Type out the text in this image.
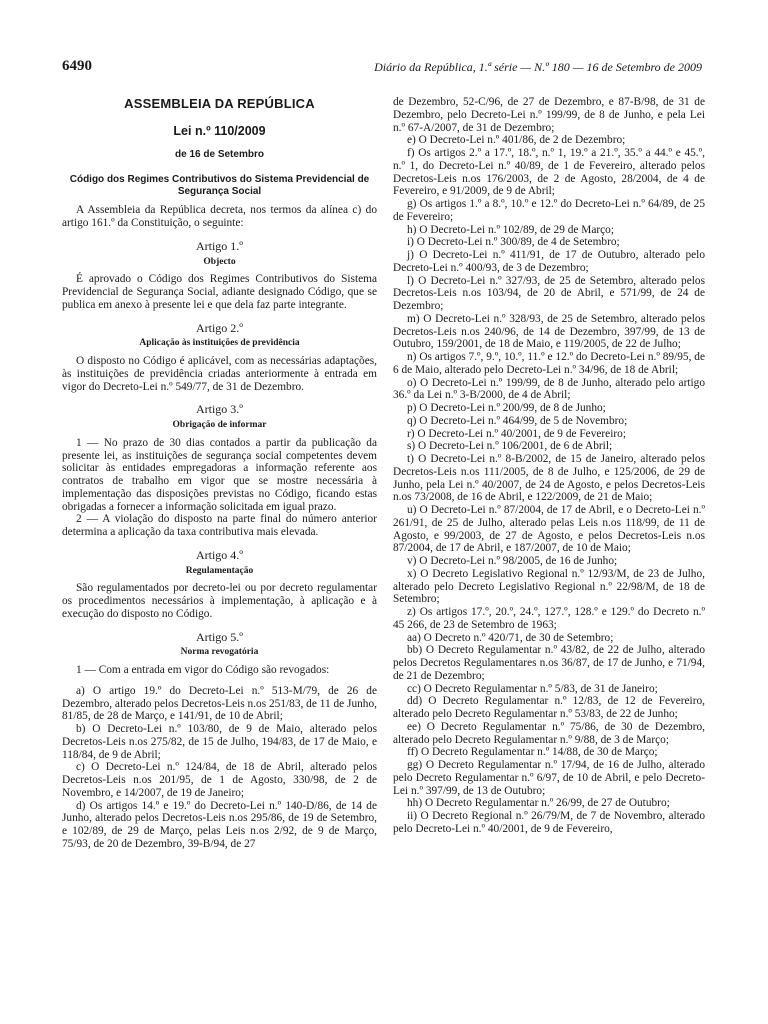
6490	Diário da República, 1.ª série — N.º 180 — 16 de Setembro de 2009

ASSEMBLEIA DA REPÚBLICA

Lei n.º 110/2009

de 16 de Setembro

Código dos Regimes Contributivos do Sistema Previdencial de Segurança Social

A Assembleia da República decreta, nos termos da alínea c) do artigo 161.º da Constituição, o seguinte:

Artigo 1.º

Objecto

É aprovado o Código dos Regimes Contributivos do Sistema Previdencial de Segurança Social, adiante designado Código, que se publica em anexo à presente lei e que dela faz parte integrante.

Artigo 2.º

Aplicação às instituições de previdência

O disposto no Código é aplicável, com as necessárias adaptações, às instituições de previdência criadas anteriormente à entrada em vigor do Decreto-Lei n.º 549/77, de 31 de Dezembro.

Artigo 3.º

Obrigação de informar

1 — No prazo de 30 dias contados a partir da publicação da presente lei, as instituições de segurança social competentes devem solicitar às entidades empregadoras a informação referente aos contratos de trabalho em vigor que se mostre necessária à implementação das disposições previstas no Código, ficando estas obrigadas a fornecer a informação solicitada em igual prazo.

2 — A violação do disposto na parte final do número anterior determina a aplicação da taxa contributiva mais elevada.

Artigo 4.º

Regulamentação

São regulamentados por decreto-lei ou por decreto regulamentar os procedimentos necessários à implementação, à aplicação e à execução do disposto no Código.

Artigo 5.º

Norma revogatória

1 — Com a entrada em vigor do Código são revogados:

a) O artigo 19.º do Decreto-Lei n.º 513-M/79, de 26 de Dezembro, alterado pelos Decretos-Leis n.os 251/83, de 11 de Junho, 81/85, de 28 de Março, e 141/91, de 10 de Abril;

b) O Decreto-Lei n.º 103/80, de 9 de Maio, alterado pelos Decretos-Leis n.os 275/82, de 15 de Julho, 194/83, de 17 de Maio, e 118/84, de 9 de Abril;

c) O Decreto-Lei n.º 124/84, de 18 de Abril, alterado pelos Decretos-Leis n.os 201/95, de 1 de Agosto, 330/98, de 2 de Novembro, e 14/2007, de 19 de Janeiro;

d) Os artigos 14.º e 19.º do Decreto-Lei n.º 140-D/86, de 14 de Junho, alterado pelos Decretos-Leis n.os 295/86, de 19 de Setembro, e 102/89, de 29 de Março, pelas Leis n.os 2/92, de 9 de Março, 75/93, de 20 de Dezembro, 39-B/94, de 27

de Dezembro, 52-C/96, de 27 de Dezembro, e 87-B/98, de 31 de Dezembro, pelo Decreto-Lei n.º 199/99, de 8 de Junho, e pela Lei n.º 67-A/2007, de 31 de Dezembro;

e) O Decreto-Lei n.º 401/86, de 2 de Dezembro;

f) Os artigos 2.º a 17.º, 18.º, n.º 1, 19.º a 21.º, 35.º a 44.º e 45.º, n.º 1, do Decreto-Lei n.º 40/89, de 1 de Fevereiro, alterado pelos Decretos-Leis n.os 176/2003, de 2 de Agosto, 28/2004, de 4 de Fevereiro, e 91/2009, de 9 de Abril;

g) Os artigos 1.º a 8.º, 10.º e 12.º do Decreto-Lei n.º 64/89, de 25 de Fevereiro;

h) O Decreto-Lei n.º 102/89, de 29 de Março;

i) O Decreto-Lei n.º 300/89, de 4 de Setembro;

j) O Decreto-Lei n.º 411/91, de 17 de Outubro, alterado pelo Decreto-Lei n.º 400/93, de 3 de Dezembro;

l) O Decreto-Lei n.º 327/93, de 25 de Setembro, alterado pelos Decretos-Leis n.os 103/94, de 20 de Abril, e 571/99, de 24 de Dezembro;

m) O Decreto-Lei n.º 328/93, de 25 de Setembro, alterado pelos Decretos-Leis n.os 240/96, de 14 de Dezembro, 397/99, de 13 de Outubro, 159/2001, de 18 de Maio, e 119/2005, de 22 de Julho;

n) Os artigos 7.º, 9.º, 10.º, 11.º e 12.º do Decreto-Lei n.º 89/95, de 6 de Maio, alterado pelo Decreto-Lei n.º 34/96, de 18 de Abril;

o) O Decreto-Lei n.º 199/99, de 8 de Junho, alterado pelo artigo 36.º da Lei n.º 3-B/2000, de 4 de Abril;

p) O Decreto-Lei n.º 200/99, de 8 de Junho;

q) O Decreto-Lei n.º 464/99, de 5 de Novembro;

r) O Decreto-Lei n.º 40/2001, de 9 de Fevereiro;

s) O Decreto-Lei n.º 106/2001, de 6 de Abril;

t) O Decreto-Lei n.º 8-B/2002, de 15 de Janeiro, alterado pelos Decretos-Leis n.os 111/2005, de 8 de Julho, e 125/2006, de 29 de Junho, pela Lei n.º 40/2007, de 24 de Agosto, e pelos Decretos-Leis n.os 73/2008, de 16 de Abril, e 122/2009, de 21 de Maio;

u) O Decreto-Lei n.º 87/2004, de 17 de Abril, e o Decreto-Lei n.º 261/91, de 25 de Julho, alterado pelas Leis n.os 118/99, de 11 de Agosto, e 99/2003, de 27 de Agosto, e pelos Decretos-Leis n.os 87/2004, de 17 de Abril, e 187/2007, de 10 de Maio;

v) O Decreto-Lei n.º 98/2005, de 16 de Junho;

x) O Decreto Legislativo Regional n.º 12/93/M, de 23 de Julho, alterado pelo Decreto Legislativo Regional n.º 22/98/M, de 18 de Setembro;

z) Os artigos 17.º, 20.º, 24.º, 127.º, 128.º e 129.º do Decreto n.º 45 266, de 23 de Setembro de 1963;

aa) O Decreto n.º 420/71, de 30 de Setembro;

bb) O Decreto Regulamentar n.º 43/82, de 22 de Julho, alterado pelos Decretos Regulamentares n.os 36/87, de 17 de Junho, e 71/94, de 21 de Dezembro;

cc) O Decreto Regulamentar n.º 5/83, de 31 de Janeiro;

dd) O Decreto Regulamentar n.º 12/83, de 12 de Fevereiro, alterado pelo Decreto Regulamentar n.º 53/83, de 22 de Junho;

ee) O Decreto Regulamentar n.º 75/86, de 30 de Dezembro, alterado pelo Decreto Regulamentar n.º 9/88, de 3 de Março;

ff) O Decreto Regulamentar n.º 14/88, de 30 de Março;

gg) O Decreto Regulamentar n.º 17/94, de 16 de Julho, alterado pelo Decreto Regulamentar n.º 6/97, de 10 de Abril, e pelo Decreto-Lei n.º 397/99, de 13 de Outubro;

hh) O Decreto Regulamentar n.º 26/99, de 27 de Outubro;

ii) O Decreto Regional n.º 26/79/M, de 7 de Novembro, alterado pelo Decreto-Lei n.º 40/2001, de 9 de Fevereiro,
